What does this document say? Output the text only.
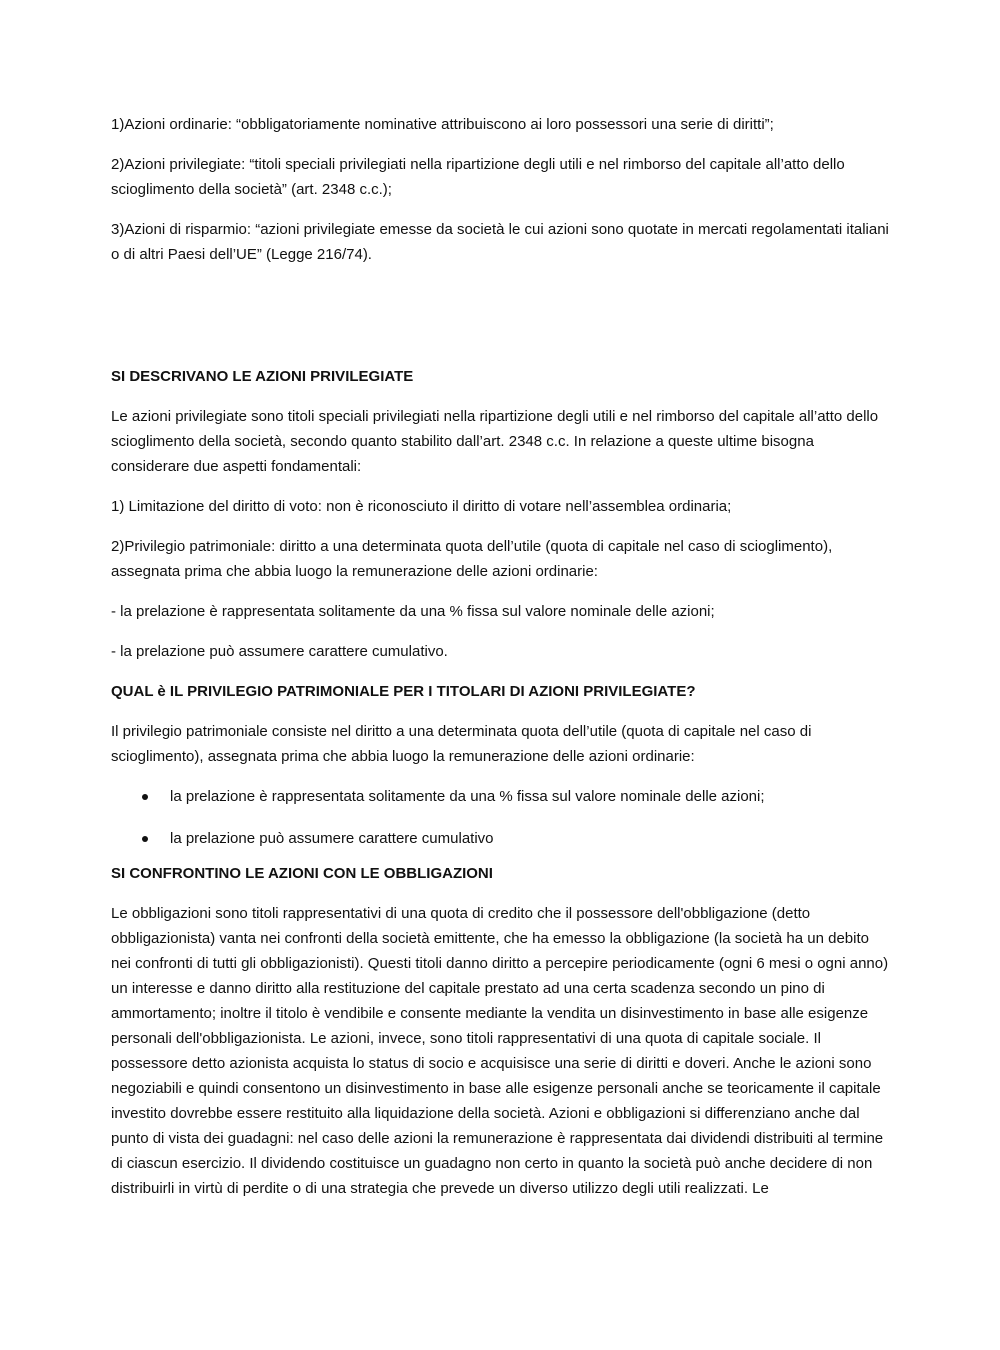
1)Azioni ordinarie: “obbligatoriamente nominative attribuiscono ai loro possessori una serie di diritti”;

2)Azioni privilegiate: “titoli speciali privilegiati nella ripartizione degli utili e nel rimborso del capitale all’atto dello scioglimento della società” (art. 2348 c.c.);

3)Azioni di risparmio: “azioni privilegiate emesse da società le cui azioni sono quotate in mercati regolamentati italiani o di altri Paesi dell’UE” (Legge 216/74).

SI DESCRIVANO LE AZIONI PRIVILEGIATE

Le azioni privilegiate sono titoli speciali privilegiati nella ripartizione degli utili e nel rimborso del capitale all’atto dello scioglimento della società, secondo quanto stabilito dall’art. 2348 c.c. In relazione a queste ultime bisogna considerare due aspetti fondamentali:

1) Limitazione del diritto di voto: non è riconosciuto il diritto di votare nell’assemblea ordinaria;

2)Privilegio patrimoniale: diritto a una determinata quota dell’utile (quota di capitale nel caso di scioglimento), assegnata prima che abbia luogo la remunerazione delle azioni ordinarie:

- la prelazione è rappresentata solitamente da una % fissa sul valore nominale delle azioni;

- la prelazione può assumere carattere cumulativo.

QUAL è IL PRIVILEGIO PATRIMONIALE PER I TITOLARI DI AZIONI PRIVILEGIATE?

Il privilegio patrimoniale consiste nel diritto a una determinata quota dell’utile (quota di capitale nel caso di scioglimento), assegnata prima che abbia luogo la remunerazione delle azioni ordinarie:

la prelazione è rappresentata solitamente da una % fissa sul valore nominale delle azioni;
la prelazione può assumere carattere cumulativo

SI CONFRONTINO LE AZIONI CON LE OBBLIGAZIONI

Le obbligazioni sono titoli rappresentativi di una quota di credito che il possessore dell'obbligazione (detto obbligazionista) vanta nei confronti della società emittente, che ha emesso la obbligazione (la società ha un debito nei confronti di tutti gli obbligazionisti). Questi titoli danno diritto a percepire periodicamente (ogni 6 mesi o ogni anno) un interesse e danno diritto alla restituzione del capitale prestato ad una certa scadenza secondo un pino di ammortamento; inoltre il titolo è vendibile e consente mediante la vendita un disinvestimento in base alle esigenze personali dell'obbligazionista. Le azioni, invece, sono titoli rappresentativi di una quota di capitale sociale. Il possessore detto azionista acquista lo status di socio e acquisisce una serie di diritti e doveri. Anche le azioni sono negoziabili e quindi consentono un disinvestimento in base alle esigenze personali anche se teoricamente il capitale investito dovrebbe essere restituito alla liquidazione della società. Azioni e obbligazioni si differenziano anche dal punto di vista dei guadagni: nel caso delle azioni la remunerazione è rappresentata dai dividendi distribuiti al termine di ciascun esercizio. Il dividendo costituisce un guadagno non certo in quanto la società può anche decidere di non distribuirli in virtù di perdite o di una strategia che prevede un diverso utilizzo degli utili realizzati. Le
